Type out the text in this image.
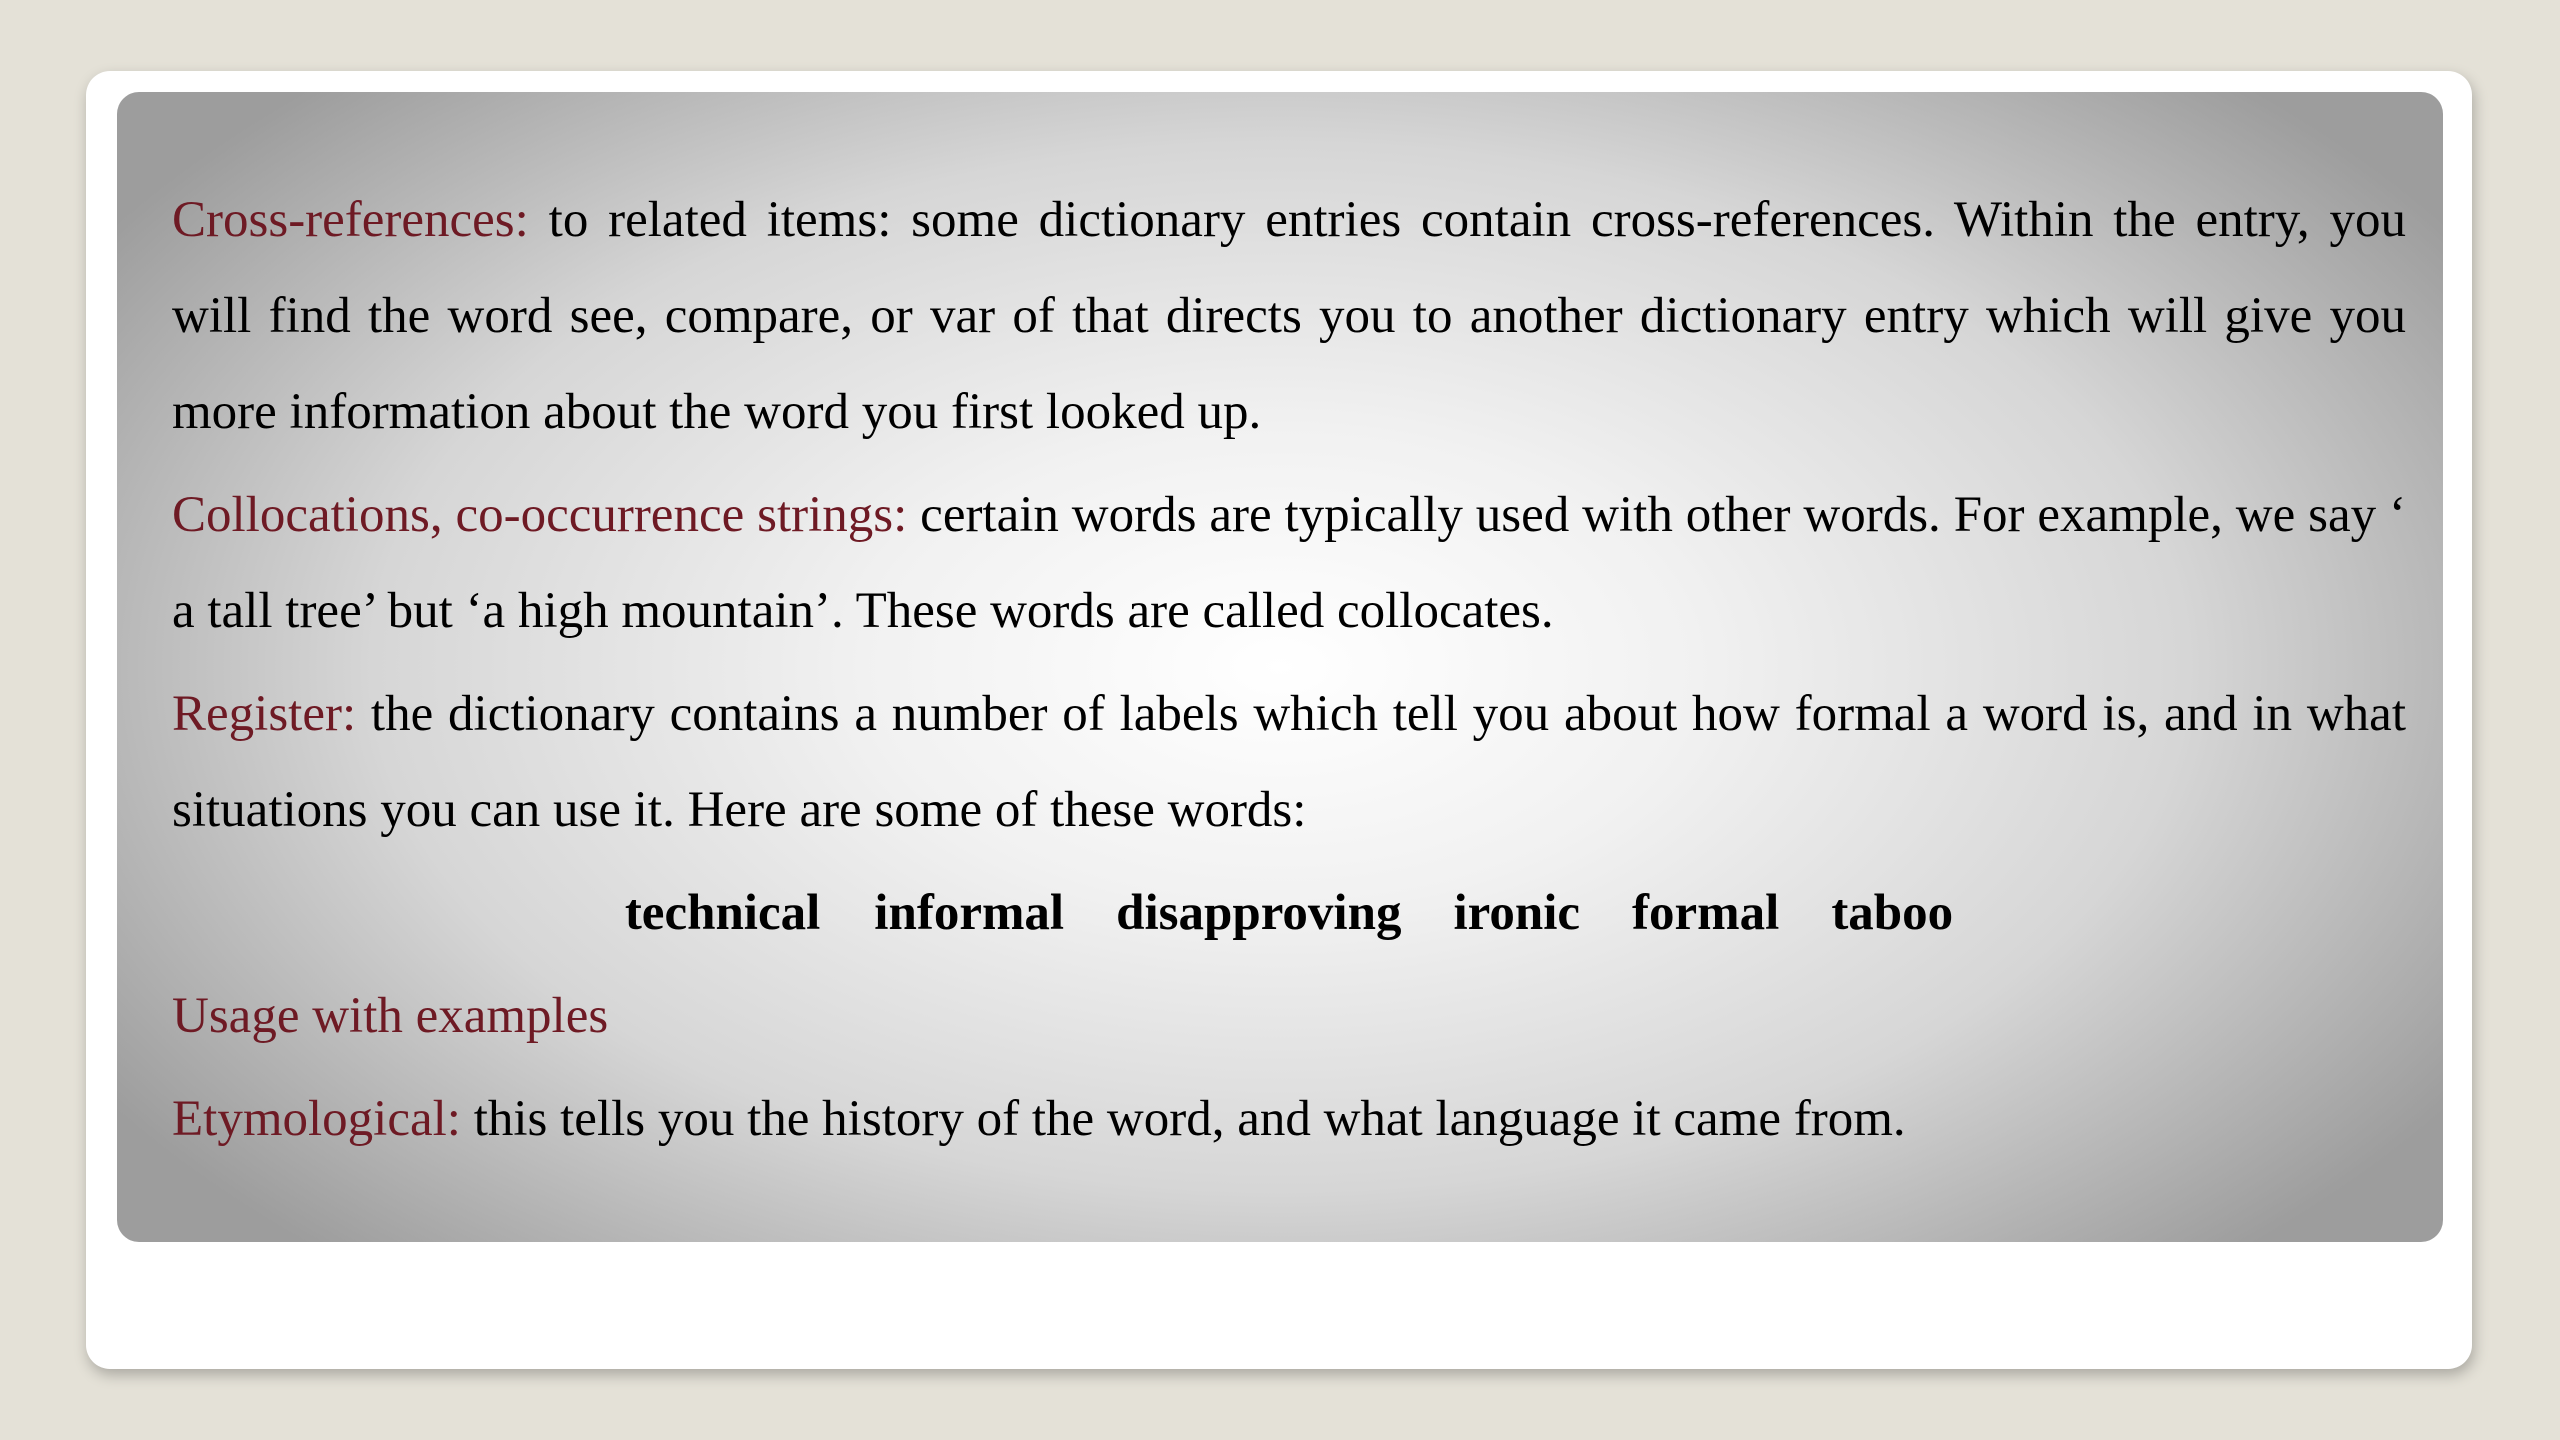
Cross-references: to related items: some dictionary entries contain cross-references. Within the entry, you will find the word see, compare, or var of that directs you to another dictionary entry which will give you more information about the word you first looked up.

Collocations, co-occurrence strings: certain words are typically used with other words. For example, we say ‘ a tall tree’ but ‘a high mountain’. These words are called collocates.

Register: the dictionary contains a number of labels which tell you about how formal a word is, and in what situations you can use it. Here are some of these words:

technical informal disapproving ironic formal taboo

Usage with examples

Etymological: this tells you the history of the word, and what language it came from.
